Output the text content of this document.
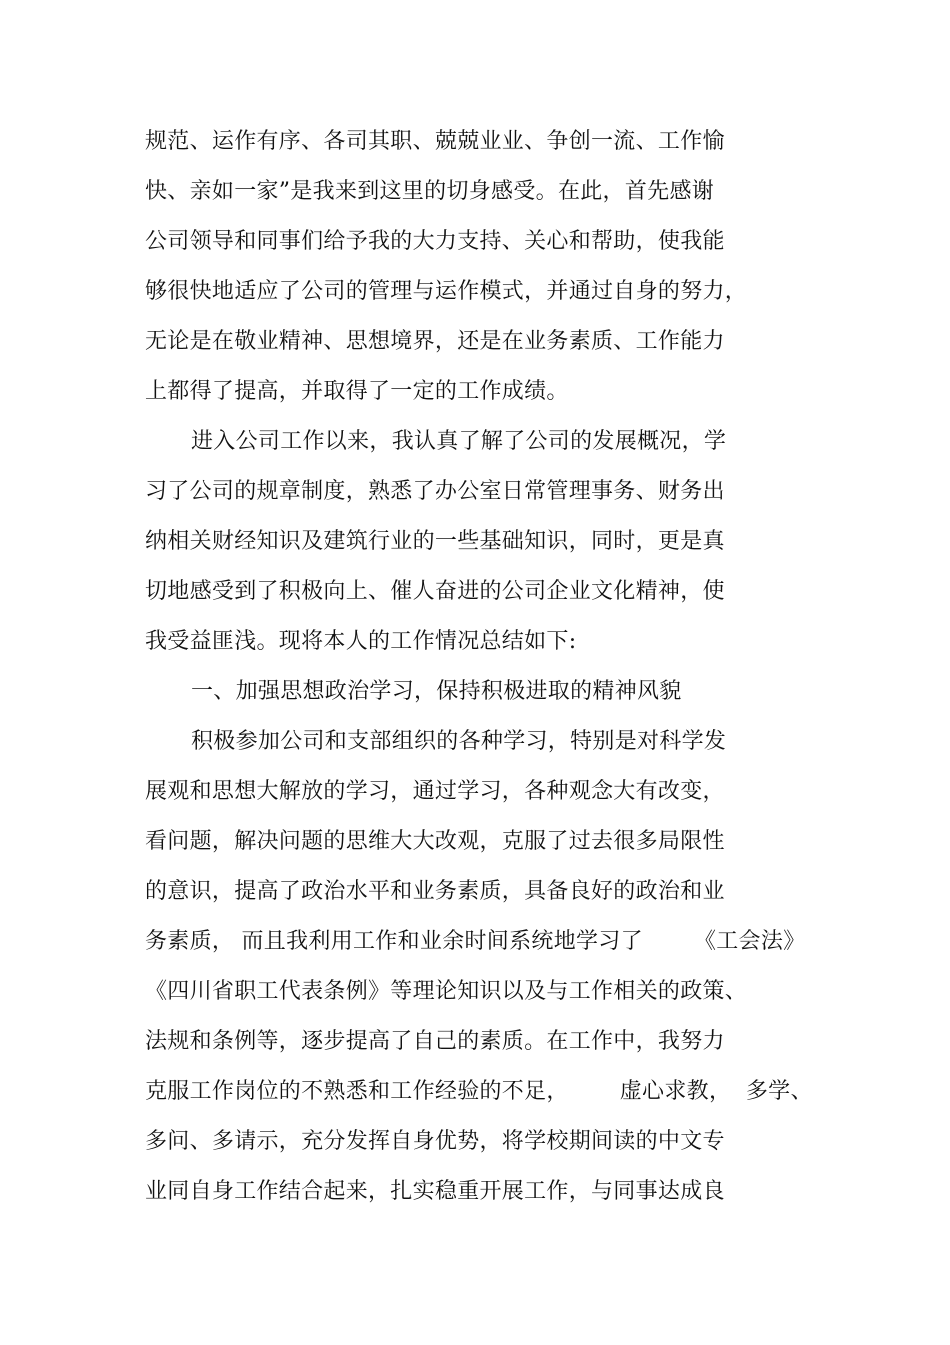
规范、运作有序、各司其职、兢兢业业、争创一流、工作愉
快、亲如一家”是我来到这里的切身感受。在此，首先感谢
公司领导和同事们给予我的大力支持、关心和帮助，使我能
够很快地适应了公司的管理与运作模式，并通过自身的努力，
无论是在敬业精神、思想境界，还是在业务素质、工作能力
上都得了提高，并取得了一定的工作成绩。
进入公司工作以来，我认真了解了公司的发展概况，学
习了公司的规章制度，熟悉了办公室日常管理事务、财务出
纳相关财经知识及建筑行业的一些基础知识，同时，更是真
切地感受到了积极向上、催人奋进的公司企业文化精神，使
我受益匪浅。现将本人的工作情况总结如下:
一、加强思想政治学习，保持积极进取的精神风貌
积极参加公司和支部组织的各种学习，特别是对科学发
展观和思想大解放的学习，通过学习，各种观念大有改变，
看问题，解决问题的思维大大改观，克服了过去很多局限性
的意识，提高了政治水平和业务素质，具备良好的政治和业
务素质， 而且我利用工作和业余时间系统地学习了       《工会法》
《四川省职工代表条例》等理论知识以及与工作相关的政策、
法规和条例等，逐步提高了自己的素质。在工作中，我努力
克服工作岗位的不熟悉和工作经验的不足，       虚心求教，  多学、
多问、多请示，充分发挥自身优势，将学校期间读的中文专
业同自身工作结合起来，扎实稳重开展工作，与同事达成良
